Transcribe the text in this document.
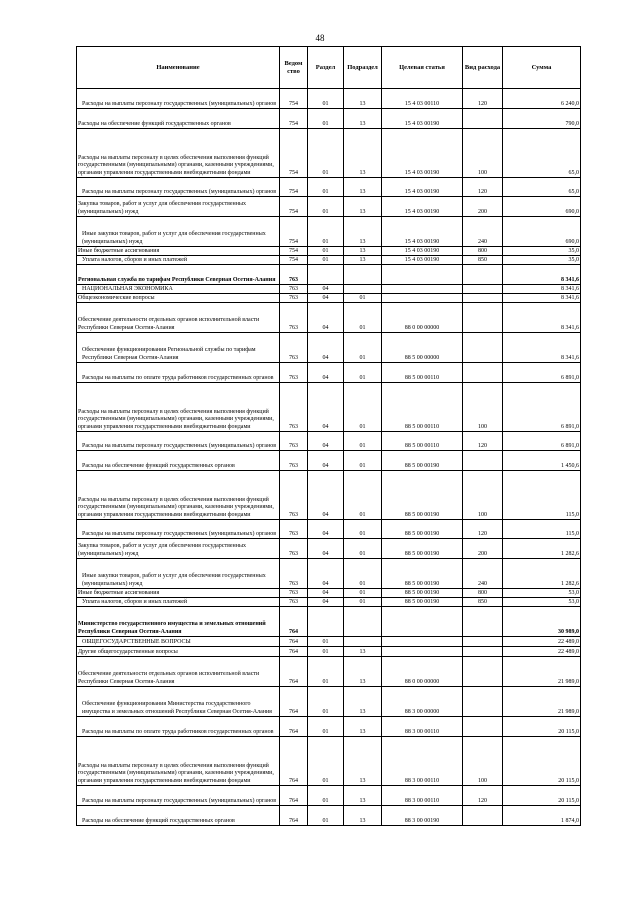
48
Наименование	Ведом ство	Раздел	Подраздел	Целевая статья	Вид расхода	Сумма
Расходы на выплаты персоналу государственных (муниципальных) органов	754	01	13	15 4 03 00110	120	6 240,0
Расходы на обеспечение функций государственных органов	754	01	13	15 4 03 00190		790,0
Расходы на выплаты персоналу в целях обеспечения выполнения функций государственными (муниципальными) органами, казенными учреждениями, органами управления государственными внебюджетными фондами	754	01	13	15 4 03 00190	100	65,0
Расходы на выплаты персоналу государственных (муниципальных) органов	754	01	13	15 4 03 00190	120	65,0
Закупка товаров, работ и услуг для обеспечения государственных (муниципальных) нужд	754	01	13	15 4 03 00190	200	690,0
Иные закупки товаров, работ и услуг для обеспечения государственных (муниципальных) нужд	754	01	13	15 4 03 00190	240	690,0
Иные бюджетные ассигнования	754	01	13	15 4 03 00190	800	35,0
Уплата налогов, сборов и иных платежей	754	01	13	15 4 03 00190	850	35,0
Региональная служба по тарифам Республики Северная Осетия-Алания	763					8 341,6
НАЦИОНАЛЬНАЯ ЭКОНОМИКА	763	04				8 341,6
Общеэкономические вопросы	763	04	01			8 341,6
Обеспечение деятельности отдельных органов исполнительной власти Республики Северная Осетия-Алания	763	04	01	88 0 00 00000		8 341,6
Обеспечение функционирования Региональной службы по тарифам Республики Северная Осетия-Алания	763	04	01	88 5 00 00000		8 341,6
Расходы на выплаты по оплате труда работников государственных органов	763	04	01	88 5 00 00110		6 891,0
Расходы на выплаты персоналу в целях обеспечения выполнения функций государственными (муниципальными) органами, казенными учреждениями, органами управления государственными внебюджетными фондами	763	04	01	88 5 00 00110	100	6 891,0
Расходы на выплаты персоналу государственных (муниципальных) органов	763	04	01	88 5 00 00110	120	6 891,0
Расходы на обеспечение функций государственных органов	763	04	01	88 5 00 00190		1 450,6
Расходы на выплаты персоналу в целях обеспечения выполнения функций государственными (муниципальными) органами, казенными учреждениями, органами управления государственными внебюджетными фондами	763	04	01	88 5 00 00190	100	115,0
Расходы на выплаты персоналу государственных (муниципальных) органов	763	04	01	88 5 00 00190	120	115,0
Закупка товаров, работ и услуг для обеспечения государственных (муниципальных) нужд	763	04	01	88 5 00 00190	200	1 282,6
Иные закупки товаров, работ и услуг для обеспечения государственных (муниципальных) нужд	763	04	01	88 5 00 00190	240	1 282,6
Иные бюджетные ассигнования	763	04	01	88 5 00 00190	800	53,0
Уплата налогов, сборов и иных платежей	763	04	01	88 5 00 00190	850	53,0
Министерство государственного имущества и земельных отношений Республики Северная Осетия-Алания	764					30 989,0
ОБЩЕГОСУДАРСТВЕННЫЕ ВОПРОСЫ	764	01				22 489,0
Другие общегосударственные вопросы	764	01	13			22 489,0
Обеспечение деятельности отдельных органов исполнительной власти Республики Северная Осетия-Алания	764	01	13	88 0 00 00000		21 989,0
Обеспечение функционирования Министерства государственного имущества и земельных отношений Республики Северная Осетия-Алания	764	01	13	88 3 00 00000		21 989,0
Расходы на выплаты по оплате труда работников государственных органов	764	01	13	88 3 00 00110		20 115,0
Расходы на выплаты персоналу в целях обеспечения выполнения функций государственными (муниципальными) органами, казенными учреждениями, органами управления государственными внебюджетными фондами	764	01	13	88 3 00 00110	100	20 115,0
Расходы на выплаты персоналу государственных (муниципальных) органов	764	01	13	88 3 00 00110	120	20 115,0
Расходы на обеспечение функций государственных органов	764	01	13	88 3 00 00190		1 874,0
